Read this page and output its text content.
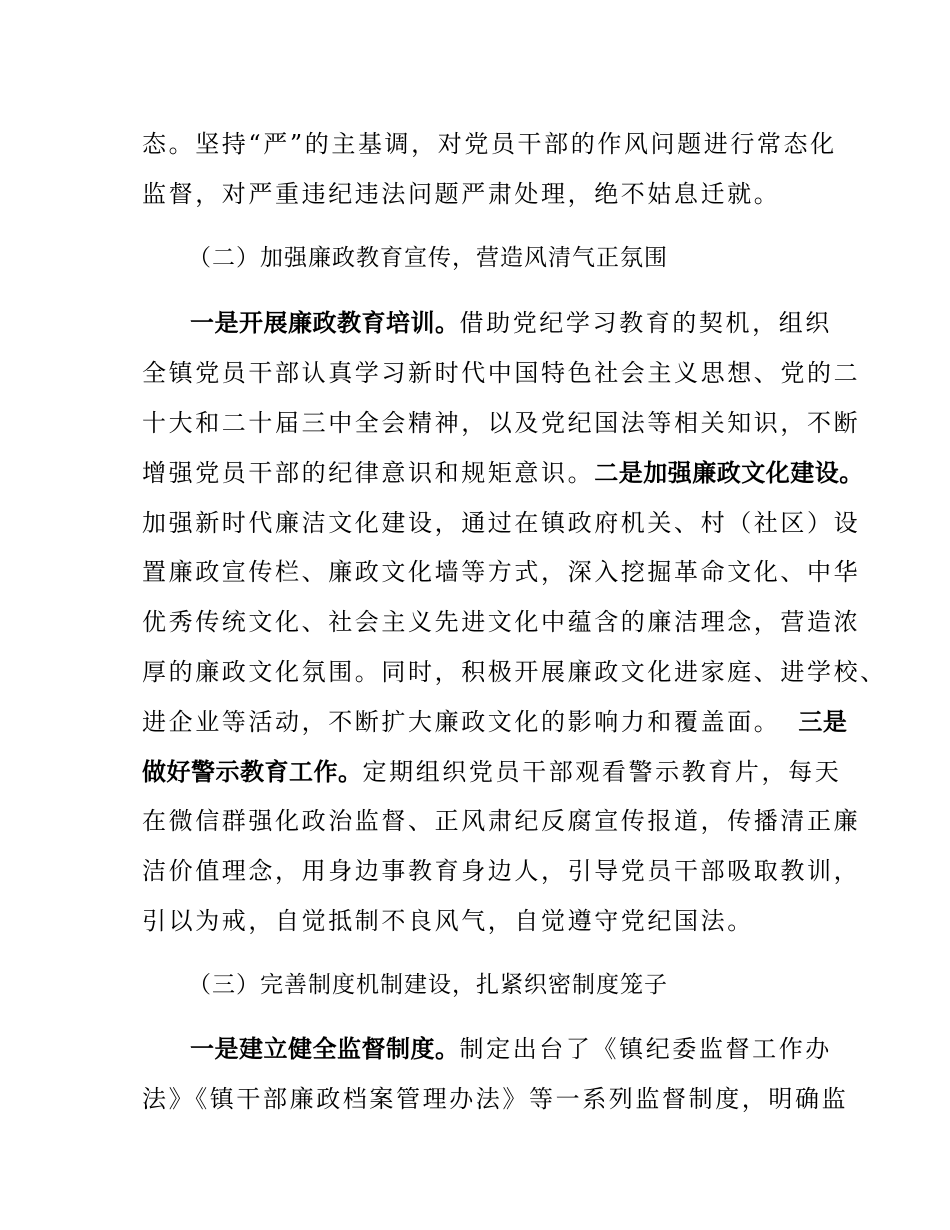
态。坚持“严”的主基调，对党员干部的作风问题进行常态化
监督，对严重违纪违法问题严肃处理，绝不姑息迁就。
（二）加强廉政教育宣传，营造风清气正氛围
一是开展廉政教育培训。借助党纪学习教育的契机，组织
全镇党员干部认真学习新时代中国特色社会主义思想、党的二
十大和二十届三中全会精神，以及党纪国法等相关知识，不断
增强党员干部的纪律意识和规矩意识。二是加强廉政文化建设。
加强新时代廉洁文化建设，通过在镇政府机关、村（社区）设
置廉政宣传栏、廉政文化墙等方式，深入挖掘革命文化、中华
优秀传统文化、社会主义先进文化中蕴含的廉洁理念，营造浓
厚的廉政文化氛围。同时，积极开展廉政文化进家庭、进学校、
进企业等活动，不断扩大廉政文化的影响力和覆盖面。 三是
做好警示教育工作。定期组织党员干部观看警示教育片，每天
在微信群强化政治监督、正风肃纪反腐宣传报道，传播清正廉
洁价值理念，用身边事教育身边人，引导党员干部吸取教训，
引以为戒，自觉抵制不良风气，自觉遵守党纪国法。
（三）完善制度机制建设，扎紧织密制度笼子
一是建立健全监督制度。制定出台了《镇纪委监督工作办
法》《镇干部廉政档案管理办法》等一系列监督制度，明确监
